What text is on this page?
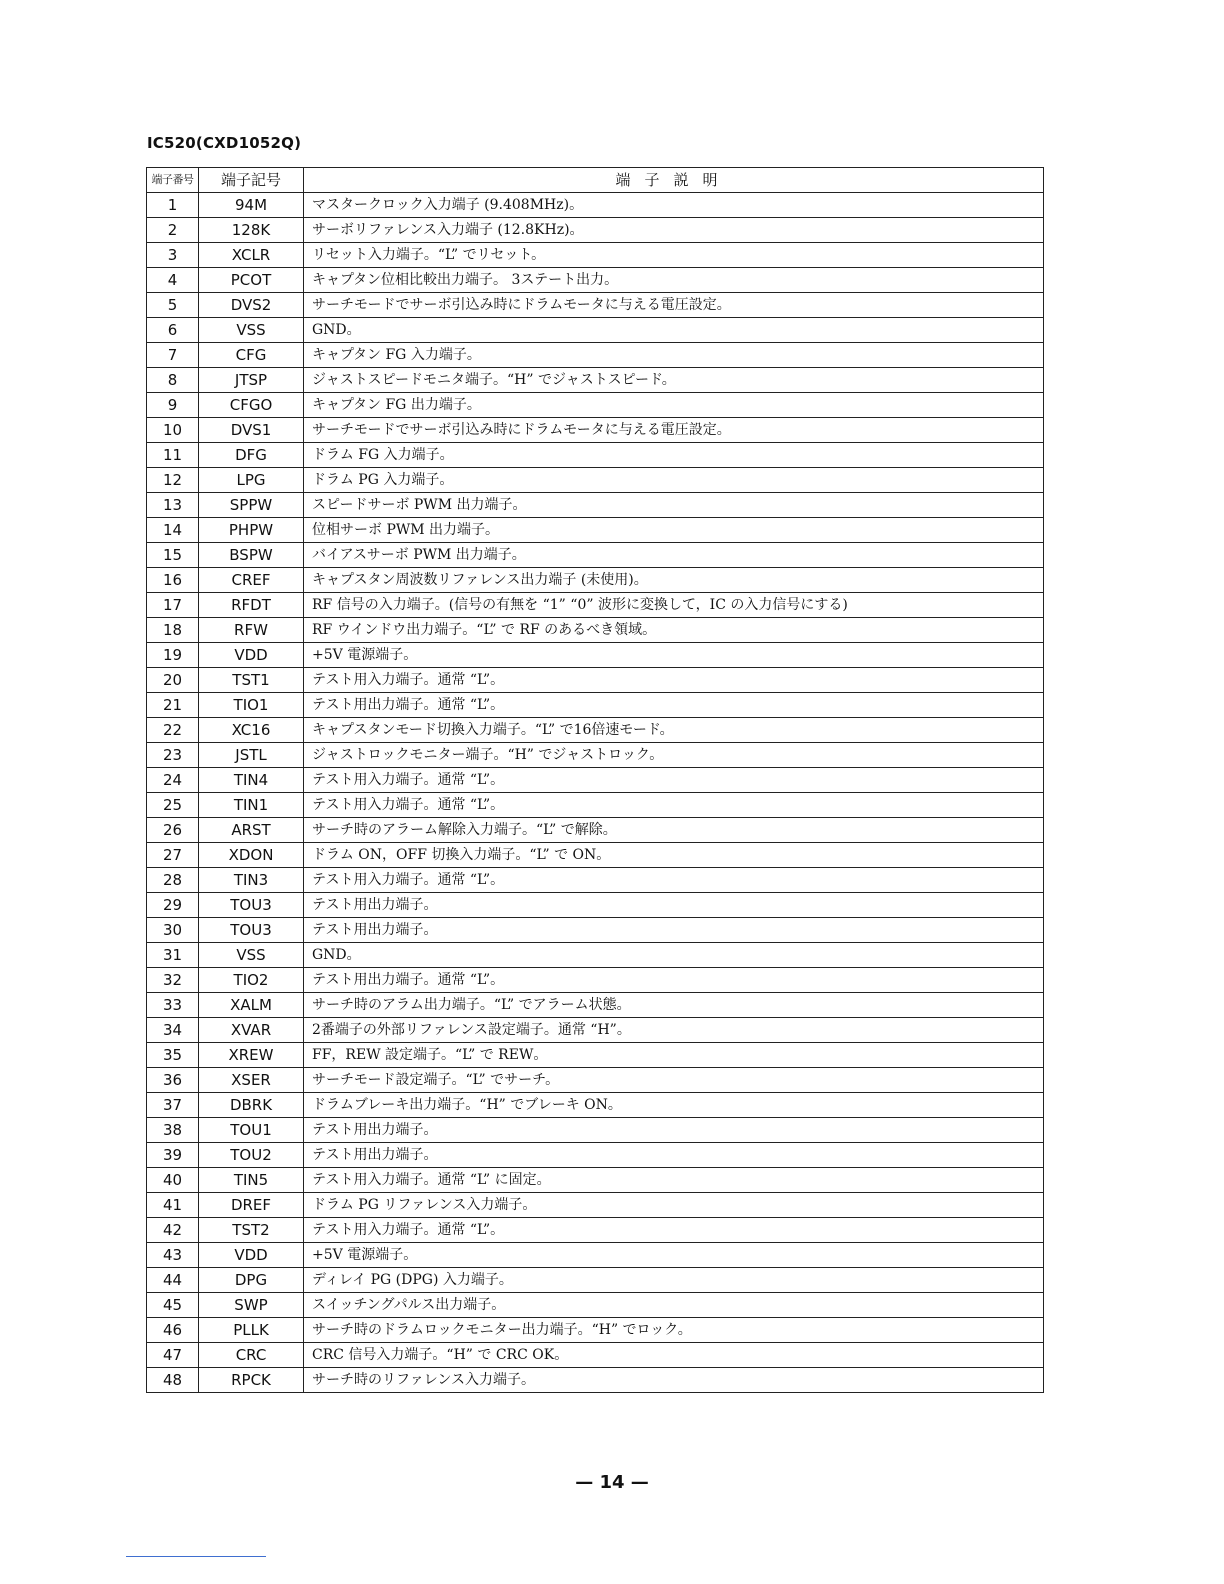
IC520(CXD1052Q)
端子番号	端子記号	端子説明
1	94M	マスタークロック入力端子 (9.408MHz)。
2	128K	サーボリファレンス入力端子 (12.8KHz)。
3	XCLR	リセット入力端子。“L” でリセット。
4	PCOT	キャプタン位相比較出力端子。 3ステート出力。
5	DVS2	サーチモードでサーボ引込み時にドラムモータに与える電圧設定。
6	VSS	GND。
7	CFG	キャプタン FG 入力端子。
8	JTSP	ジャストスピードモニタ端子。“H” でジャストスピード。
9	CFGO	キャプタン FG 出力端子。
10	DVS1	サーチモードでサーボ引込み時にドラムモータに与える電圧設定。
11	DFG	ドラム FG 入力端子。
12	LPG	ドラム PG 入力端子。
13	SPPW	スピードサーボ PWM 出力端子。
14	PHPW	位相サーボ PWM 出力端子。
15	BSPW	バイアスサーボ PWM 出力端子。
16	CREF	キャプスタン周波数リファレンス出力端子 (未使用)。
17	RFDT	RF 信号の入力端子。(信号の有無を “1” “0” 波形に変換して，IC の入力信号にする)
18	RFW	RF ウインドウ出力端子。“L” で RF のあるべき領域。
19	VDD	+5V 電源端子。
20	TST1	テスト用入力端子。通常 “L”。
21	TIO1	テスト用出力端子。通常 “L”。
22	XC16	キャプスタンモード切換入力端子。“L” で16倍速モード。
23	JSTL	ジャストロックモニター端子。“H” でジャストロック。
24	TIN4	テスト用入力端子。通常 “L”。
25	TIN1	テスト用入力端子。通常 “L”。
26	ARST	サーチ時のアラーム解除入力端子。“L” で解除。
27	XDON	ドラム ON，OFF 切換入力端子。“L” で ON。
28	TIN3	テスト用入力端子。通常 “L”。
29	TOU3	テスト用出力端子。
30	TOU3	テスト用出力端子。
31	VSS	GND。
32	TIO2	テスト用出力端子。通常 “L”。
33	XALM	サーチ時のアラム出力端子。“L” でアラーム状態。
34	XVAR	2番端子の外部リファレンス設定端子。通常 “H”。
35	XREW	FF，REW 設定端子。“L” で REW。
36	XSER	サーチモード設定端子。“L” でサーチ。
37	DBRK	ドラムブレーキ出力端子。“H” でブレーキ ON。
38	TOU1	テスト用出力端子。
39	TOU2	テスト用出力端子。
40	TIN5	テスト用入力端子。通常 “L” に固定。
41	DREF	ドラム PG リファレンス入力端子。
42	TST2	テスト用入力端子。通常 “L”。
43	VDD	+5V 電源端子。
44	DPG	ディレイ PG (DPG) 入力端子。
45	SWP	スイッチングパルス出力端子。
46	PLLK	サーチ時のドラムロックモニター出力端子。“H” でロック。
47	CRC	CRC 信号入力端子。“H” で CRC OK。
48	RPCK	サーチ時のリファレンス入力端子。
— 14 —
